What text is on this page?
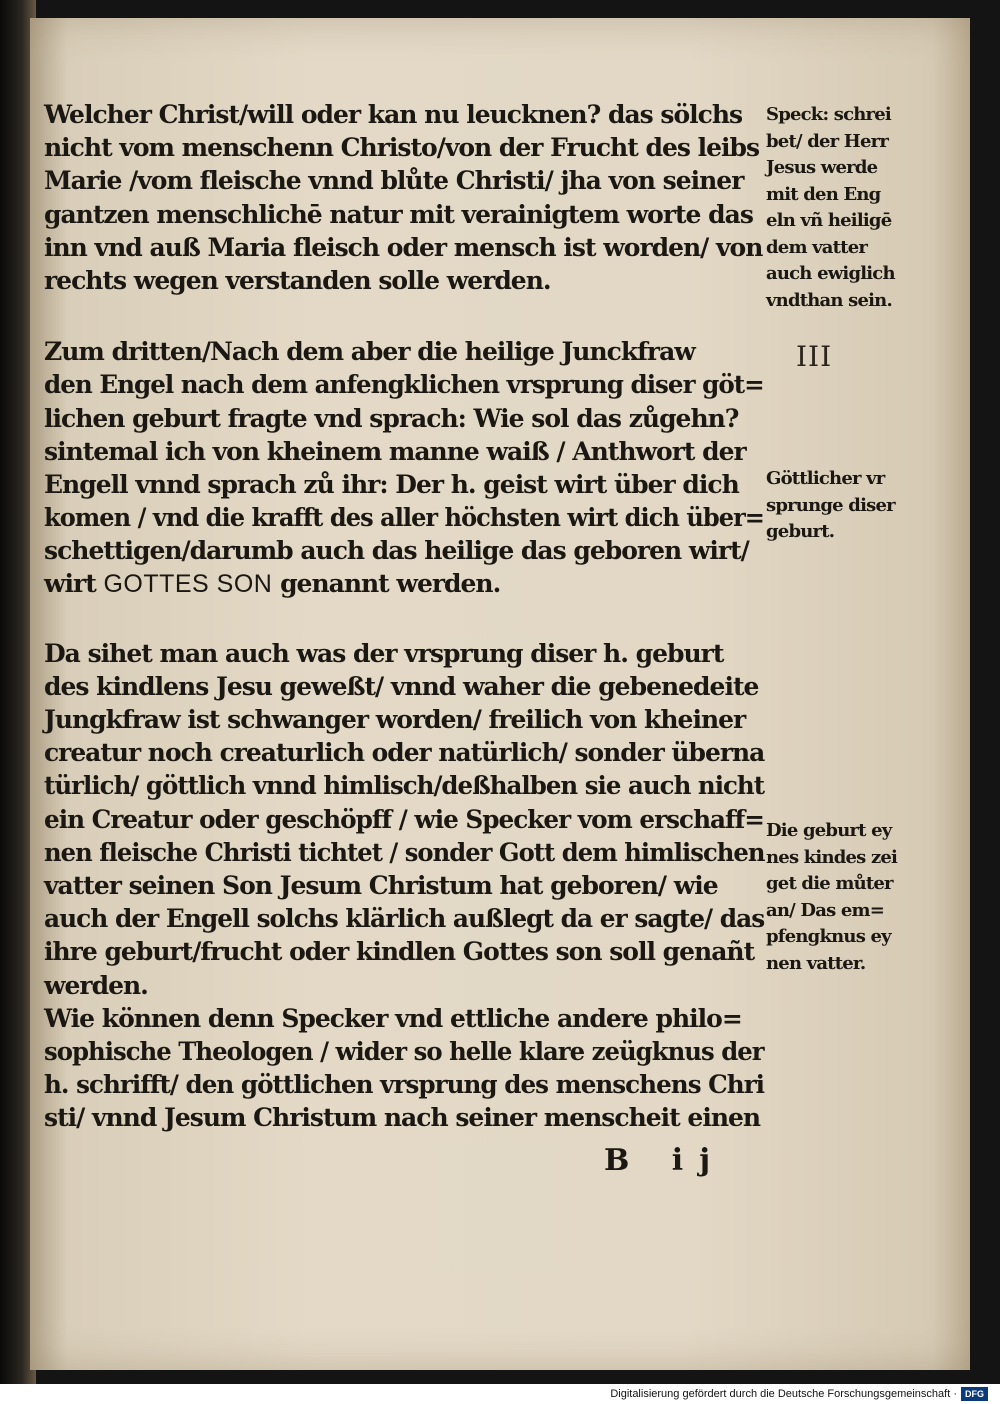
Welcher Christ/will oder kan nu leucknen? das sölchs
nicht vom menschenn Christo/von der Frucht des leibs
Marie /vom fleische vnnd blůte Christi/ jha von seiner
gantzen menschlichē natur mit verainigtem worte das
inn vnd auß Maria fleisch oder mensch ist worden/ von
rechts wegen verstanden solle werden.
Zum dritten/Nach dem aber die heilige Junckfraw
den Engel nach dem anfengklichen vrsprung diser göt=
lichen geburt fragte vnd sprach: Wie sol das zůgehn?
sintemal ich von kheinem manne waiß / Anthwort der
Engell vnnd sprach zů ihr: Der h. geist wirt über dich
komen / vnd die krafft des aller höchsten wirt dich über=
schettigen/darumb auch das heilige das geboren wirt/
wirt GOTTES SON genannt werden.
Da sihet man auch was der vrsprung diser h. geburt
des kindlens Jesu geweßt/ vnnd waher die gebenedeite
Jungkfraw ist schwanger worden/ freilich von kheiner
creatur noch creaturlich oder natürlich/ sonder überna
türlich/ göttlich vnnd himlisch/deßhalben sie auch nicht
ein Creatur oder geschöpff / wie Specker vom erschaff=
nen fleische Christi tichtet / sonder Gott dem himlischen
vatter seinen Son Jesum Christum hat geboren/ wie
auch der Engell solchs klärlich außlegt da er sagte/ das
ihre geburt/frucht oder kindlen Gottes son soll genañt
werden.
Wie können denn Specker vnd ettliche andere philo=
sophische Theologen / wider so helle klare zeügknus der
h. schrifft/ den göttlichen vrsprung des menschens Chri
sti/ vnnd Jesum Christum nach seiner menscheit einen
Speck: schrei
bet/ der Herr
Jesus werde
mit den Eng
eln vñ heiligē
dem vatter
auch ewiglich
vndthan sein.
III
Göttlicher vr
sprunge diser
geburt.
Die geburt ey
nes kindes zei
get die můter
an/ Das em=
pfengknus ey
nen vatter.
B ij
Digitalisierung gefördert durch die Deutsche Forschungsgemeinschaft · DFG
